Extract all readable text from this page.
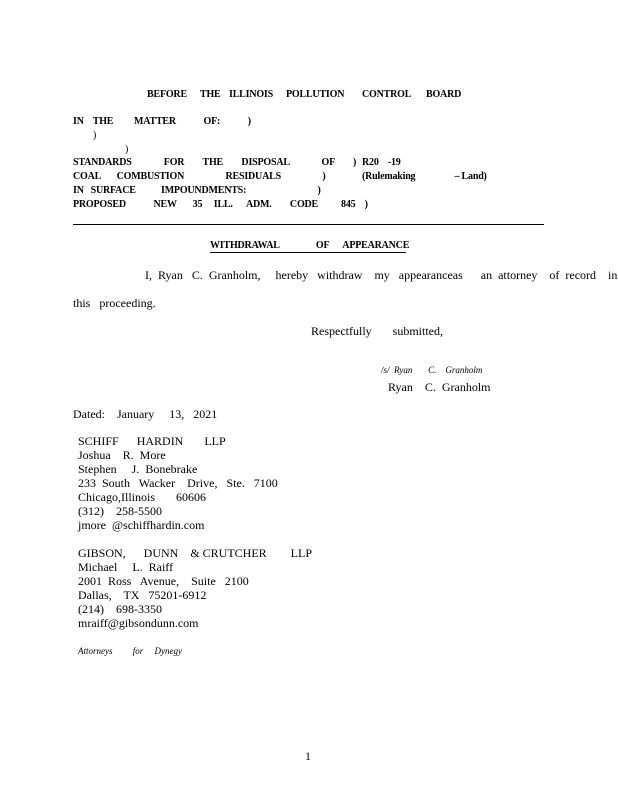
BEFORE THE ILLINOIS POLLUTION CONTROL BOARD
IN    THE         MATTER            OF:            )
)
)
STANDARDS              FOR        THE        DISPOSAL              OF        )
COAL       COMBUSTION                  RESIDUALS                  )
IN   SURFACE           IMPOUNDMENTS:                               )
PROPOSED            NEW       35     ILL.      ADM.        CODE          845    )
R20    -19
(Rulemaking                 – Land)
WITHDRAWAL                OF      APPEARANCE
I,  Ryan   C.  Granholm,     hereby   withdraw    my   appearanceas      an  attorney    of  record    in
this   proceeding.
Respectfully       submitted,
/s/  Ryan       C.    Granholm
Ryan    C.  Granholm
Dated:    January     13,   2021
SCHIFF      HARDIN       LLP
Joshua    R.  More
Stephen     J.  Bonebrake
233  South   Wacker    Drive,   Ste.   7100
Chicago,Illinois       60606
(312)    258-5500
jmore  @schiffhardin.com
GIBSON,      DUNN    & CRUTCHER        LLP
Michael     L.  Raiff
2001  Ross   Avenue,    Suite   2100
Dallas,    TX   75201-6912
(214)    698-3350
mraiff@gibsondunn.com
Attorneys         for     Dynegy
1
